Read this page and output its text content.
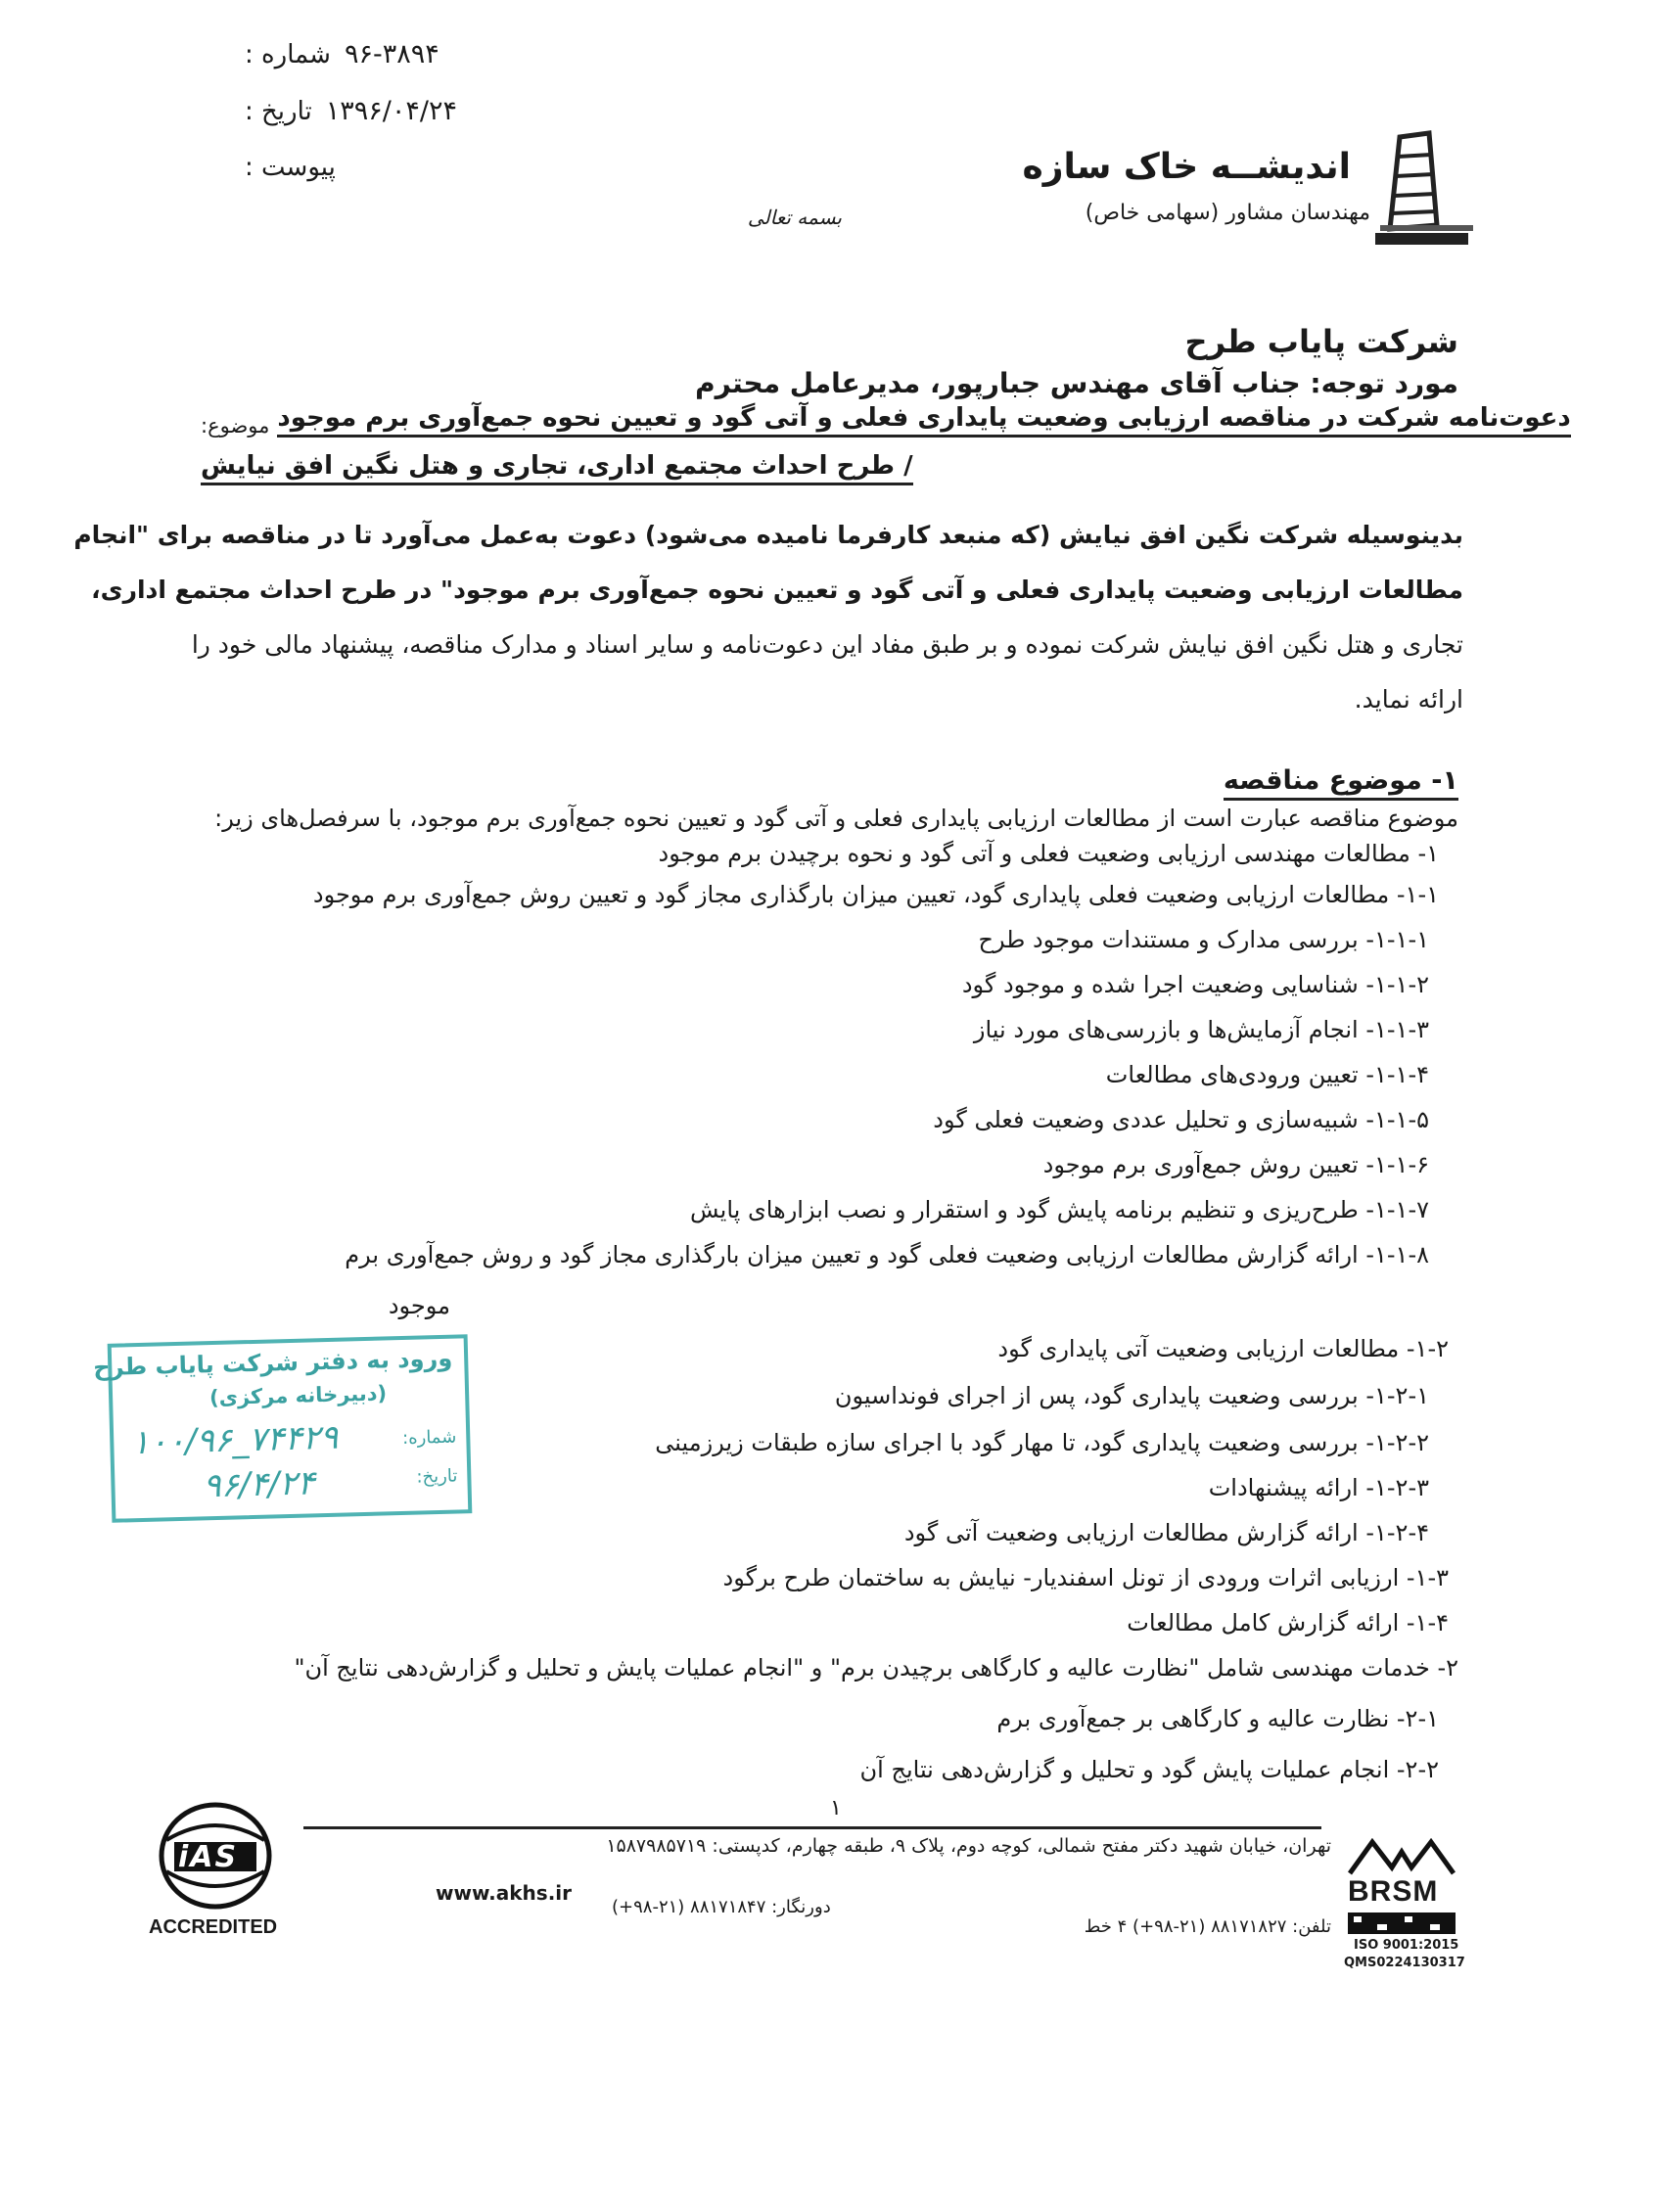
شماره : ۹۶-۳۸۹۴
تاریخ : ۱۳۹۶/۰۴/۲۴
پیوست :
بسمه تعالی
اندیشــه خاک سازه
مهندسان مشاور (سهامی خاص)
شرکت پایاب طرح
مورد توجه: جناب آقای مهندس جبارپور، مدیرعامل محترم
موضوع: دعوت‌نامه شرکت در مناقصه ارزیابی وضعیت پایداری فعلی و آتی گود و تعیین نحوه جمع‌آوری برم موجود
/ طرح احداث مجتمع اداری، تجاری و هتل نگین افق نیایش
بدینوسیله شرکت نگین افق نیایش (که منبعد کارفرما نامیده می‌شود) دعوت به‌عمل می‌آورد تا در مناقصه برای "انجام
مطالعات ارزیابی وضعیت پایداری فعلی و آتی گود و تعیین نحوه جمع‌آوری برم موجود" در طرح احداث مجتمع اداری،
تجاری و هتل نگین افق نیایش شرکت نموده و بر طبق مفاد این دعوت‌نامه و سایر اسناد و مدارک مناقصه، پیشنهاد مالی خود را
ارائه نماید.
۱- موضوع مناقصه
موضوع مناقصه عبارت است از مطالعات ارزیابی پایداری فعلی و آتی گود و تعیین نحوه جمع‌آوری برم موجود، با سرفصل‌های زیر:
۱- مطالعات مهندسی ارزیابی وضعیت فعلی و آتی گود و نحوه برچیدن برم موجود
۱-۱- مطالعات ارزیابی وضعیت فعلی پایداری گود، تعیین میزان بارگذاری مجاز گود و تعیین روش جمع‌آوری برم موجود
۱-۱-۱- بررسی مدارک و مستندات موجود طرح
۱-۱-۲- شناسایی وضعیت اجرا شده و موجود گود
۱-۱-۳- انجام آزمایش‌ها و بازرسی‌های مورد نیاز
۱-۱-۴- تعیین ورودی‌های مطالعات
۱-۱-۵- شبیه‌سازی و تحلیل عددی وضعیت فعلی گود
۱-۱-۶- تعیین روش جمع‌آوری برم موجود
۱-۱-۷- طرح‌ریزی و تنظیم برنامه پایش گود و استقرار و نصب ابزارهای پایش
۱-۱-۸- ارائه گزارش مطالعات ارزیابی وضعیت فعلی گود و تعیین میزان بارگذاری مجاز گود و روش جمع‌آوری برم
موجود
۱-۲- مطالعات ارزیابی وضعیت آتی پایداری گود
۱-۲-۱- بررسی وضعیت پایداری گود، پس از اجرای فونداسیون
۱-۲-۲- بررسی وضعیت پایداری گود، تا مهار گود با اجرای سازه طبقات زیرزمینی
۱-۲-۳- ارائه پیشنهادات
۱-۲-۴- ارائه گزارش مطالعات ارزیابی وضعیت آتی گود
۱-۳- ارزیابی اثرات ورودی از تونل اسفندیار- نیایش به ساختمان طرح برگود
۱-۴- ارائه گزارش کامل مطالعات
۲- خدمات مهندسی شامل "نظارت عالیه و کارگاهی برچیدن برم" و "انجام عملیات پایش و تحلیل و گزارش‌دهی نتایج آن"
۲-۱- نظارت عالیه و کارگاهی بر جمع‌آوری برم
۲-۲- انجام عملیات پایش گود و تحلیل و گزارش‌دهی نتایج آن
ورود به دفتر شرکت پایاب طرح
(دبیرخانه مرکزی)
شماره:
۱۰۰/۹۶_۷۴۴۲۹
تاریخ:
۹۶/۴/۲۴
۱
تهران، خیابان شهید دکتر مفتح شمالی، کوچه دوم، پلاک ۹، طبقه چهارم، کدپستی: ۱۵۸۷۹۸۵۷۱۹
www.akhs.ir
دورنگار: ۸۸۱۷۱۸۴۷ (۲۱-۹۸+)
تلفن: ۸۸۱۷۱۸۲۷ (۲۱-۹۸+) ۴ خط
iAS
ACCREDITED
BRSM
ISO 9001:2015
QMS0224130317
